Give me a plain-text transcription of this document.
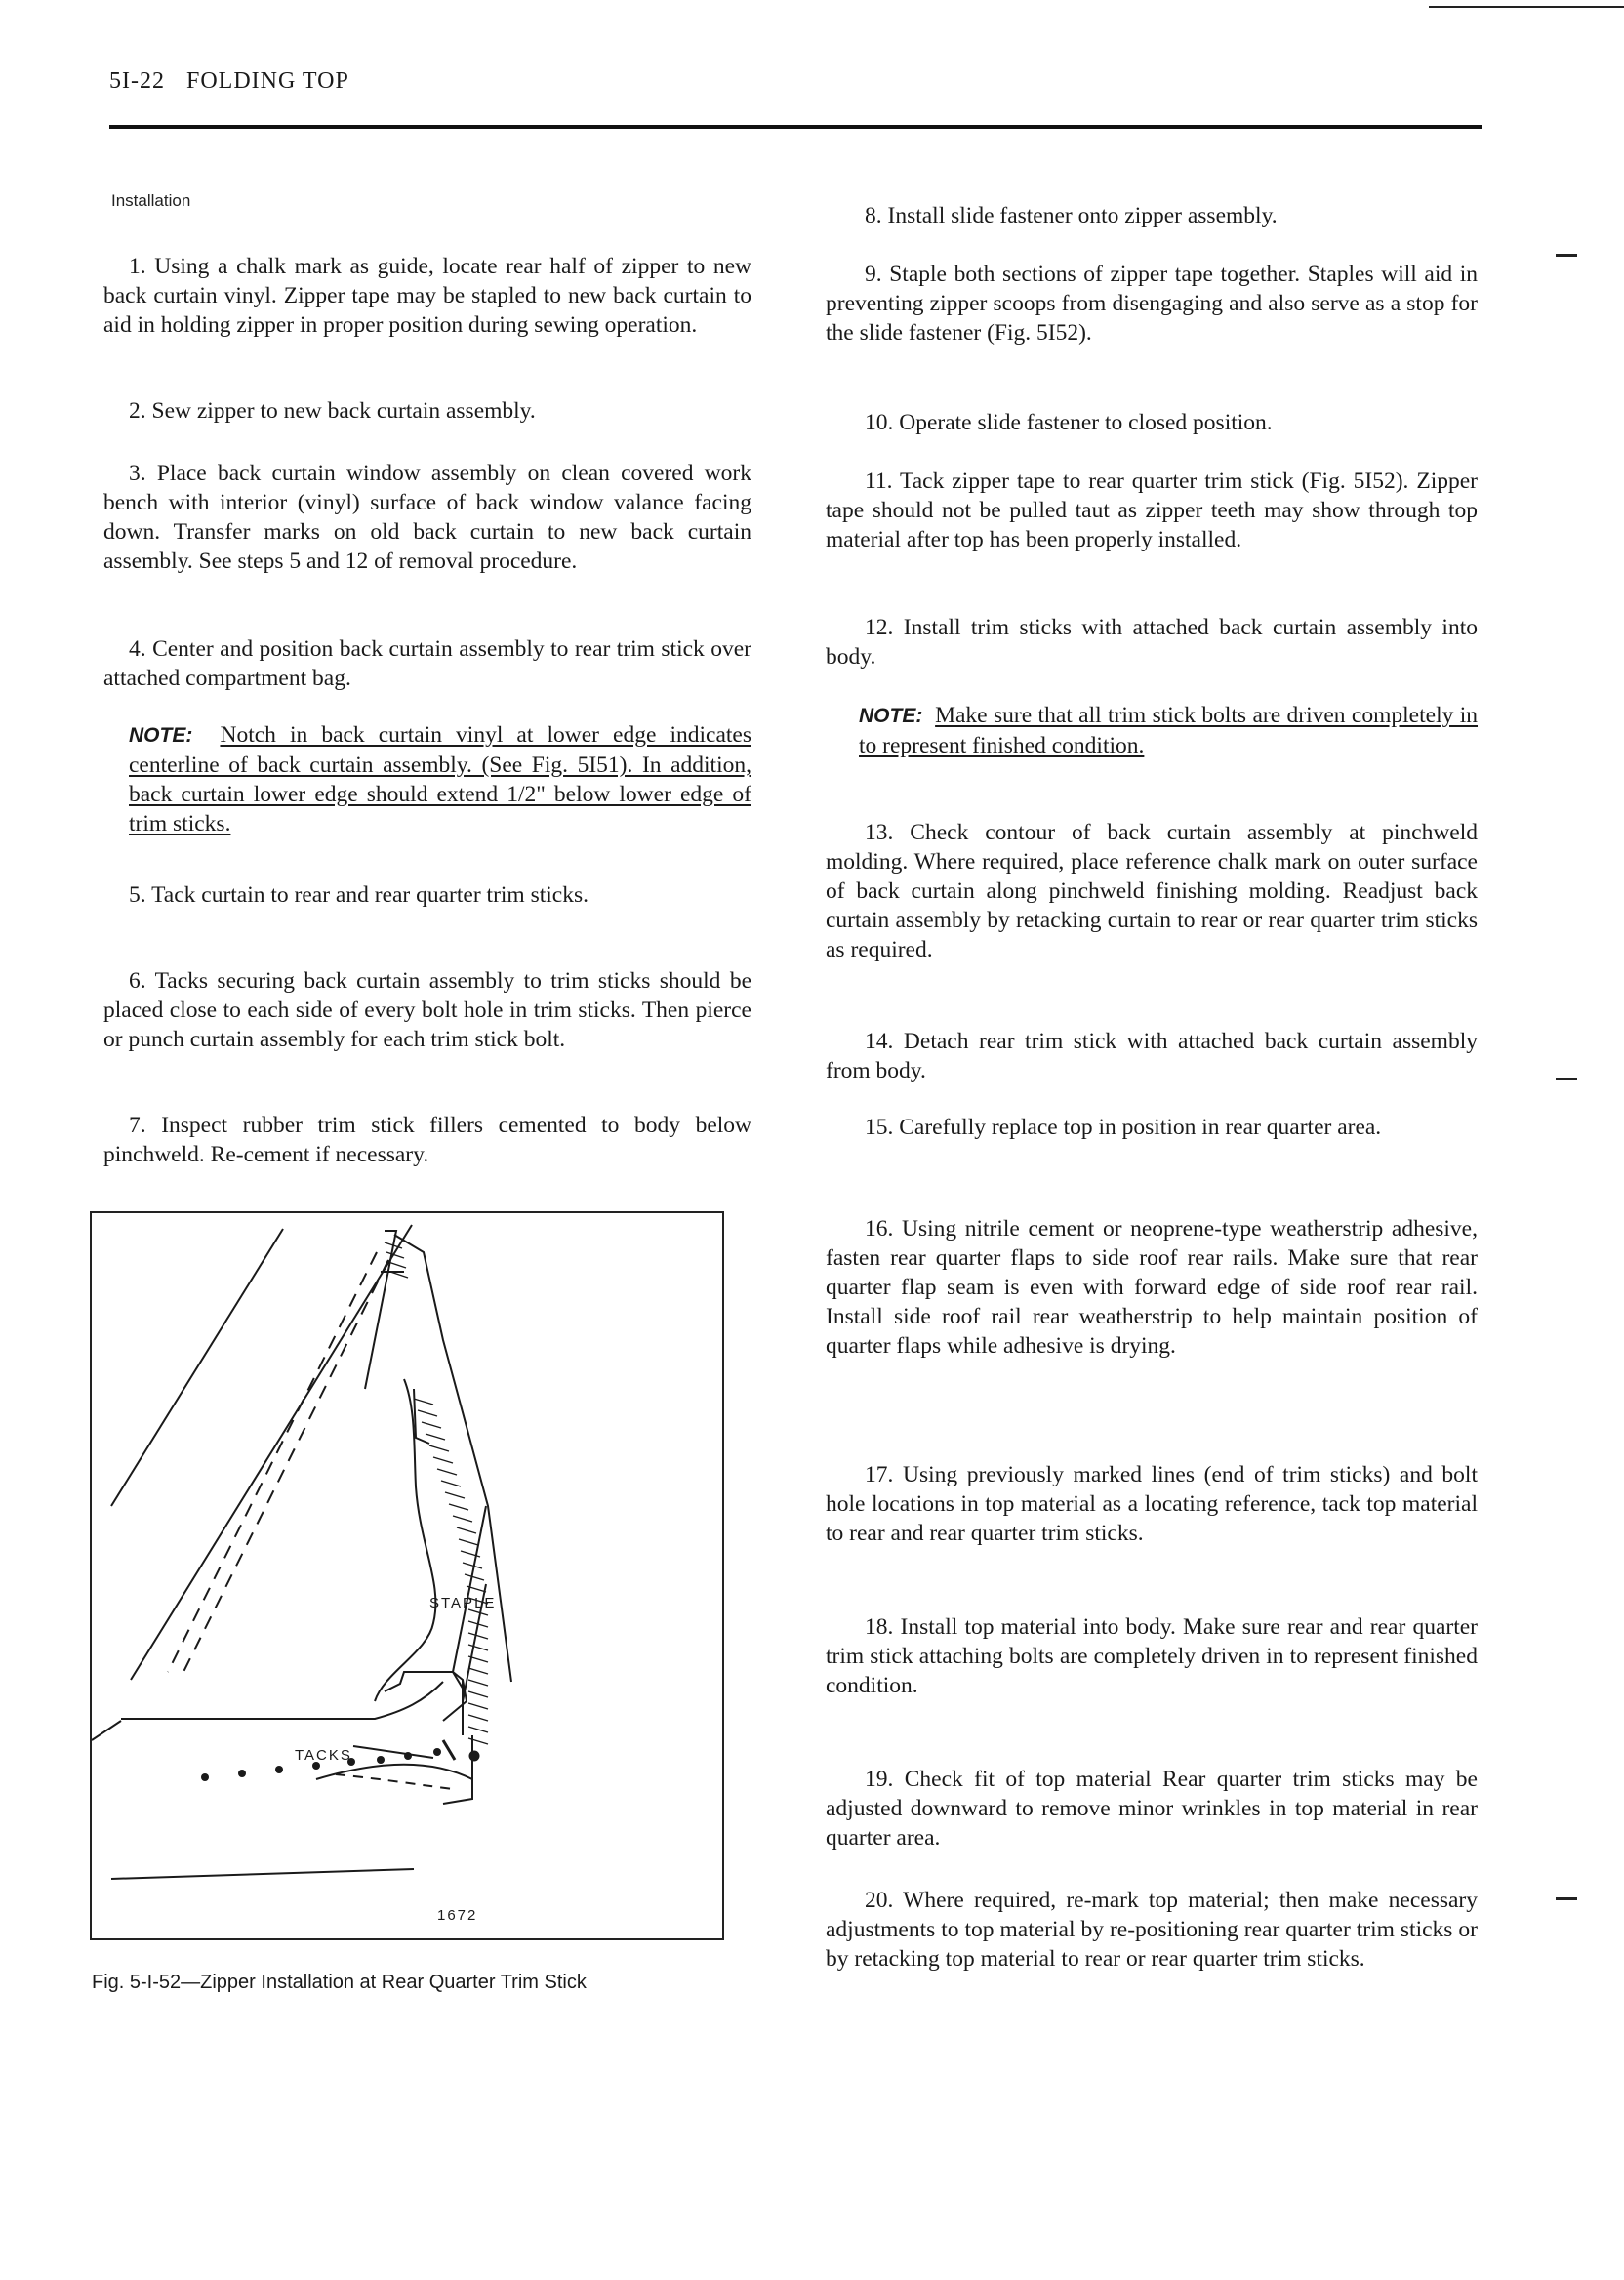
5I-22 FOLDING TOP
Installation
1. Using a chalk mark as guide, locate rear half of zipper to new back curtain vinyl. Zipper tape may be stapled to new back curtain to aid in holding zipper in proper position during sewing operation.
2. Sew zipper to new back curtain assembly.
3. Place back curtain window assembly on clean covered work bench with interior (vinyl) surface of back window valance facing down. Transfer marks on old back curtain to new back curtain assembly. See steps 5 and 12 of removal procedure.
4. Center and position back curtain assembly to rear trim stick over attached compartment bag.
NOTE: Notch in back curtain vinyl at lower edge indicates centerline of back curtain assembly. (See Fig. 5I51). In addition, back curtain lower edge should extend 1/2" below lower edge of trim sticks.
5. Tack curtain to rear and rear quarter trim sticks.
6. Tacks securing back curtain assembly to trim sticks should be placed close to each side of every bolt hole in trim sticks. Then pierce or punch curtain assembly for each trim stick bolt.
7. Inspect rubber trim stick fillers cemented to body below pinchweld. Re-cement if necessary.
STAPLE
TACKS
1672
Fig. 5-I-52—Zipper Installation at Rear Quarter Trim Stick
8. Install slide fastener onto zipper assembly.
9. Staple both sections of zipper tape together. Staples will aid in preventing zipper scoops from disengaging and also serve as a stop for the slide fastener (Fig. 5I52).
10. Operate slide fastener to closed position.
11. Tack zipper tape to rear quarter trim stick (Fig. 5I52). Zipper tape should not be pulled taut as zipper teeth may show through top material after top has been properly installed.
12. Install trim sticks with attached back curtain assembly into body.
NOTE: Make sure that all trim stick bolts are driven completely in to represent finished condition.
13. Check contour of back curtain assembly at pinchweld molding. Where required, place reference chalk mark on outer surface of back curtain along pinchweld finishing molding. Readjust back curtain assembly by retacking curtain to rear or rear quarter trim sticks as required.
14. Detach rear trim stick with attached back curtain assembly from body.
15. Carefully replace top in position in rear quarter area.
16. Using nitrile cement or neoprene-type weatherstrip adhesive, fasten rear quarter flaps to side roof rear rails. Make sure that rear quarter flap seam is even with forward edge of side roof rear rail. Install side roof rail rear weatherstrip to help maintain position of quarter flaps while adhesive is drying.
17. Using previously marked lines (end of trim sticks) and bolt hole locations in top material as a locating reference, tack top material to rear and rear quarter trim sticks.
18. Install top material into body. Make sure rear and rear quarter trim stick attaching bolts are completely driven in to represent finished condition.
19. Check fit of top material Rear quarter trim sticks may be adjusted downward to remove minor wrinkles in top material in rear quarter area.
20. Where required, re-mark top material; then make necessary adjustments to top material by re-positioning rear quarter trim sticks or by retacking top material to rear or rear quarter trim sticks.
